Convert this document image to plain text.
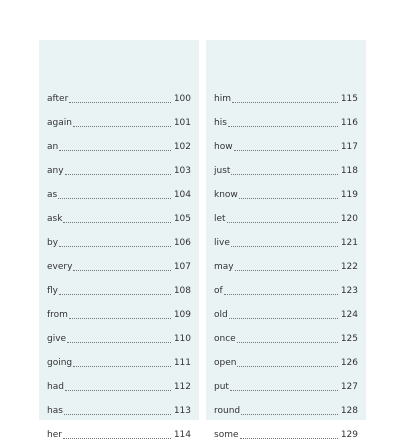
after	100
again	101
an	102
any	103
as	104
ask	105
by	106
every	107
fly	108
from	109
give	110
going	111
had	112
has	113
her	114
him	115
his	116
how	117
just	118
know	119
let	120
live	121
may	122
of	123
old	124
once	125
open	126
put	127
round	128
some	129
